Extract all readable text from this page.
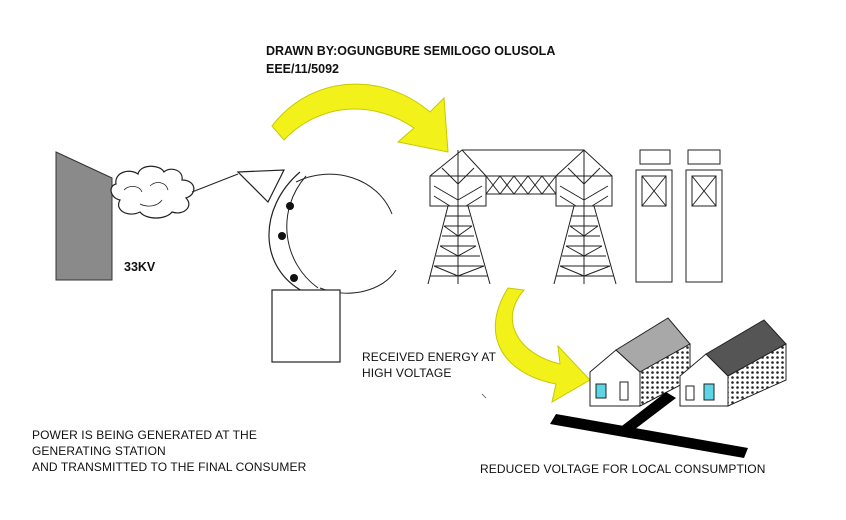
DRAWN BY:OGUNGBURE SEMILOGO OLUSOLA
EEE/11/5092
33KV
RECEIVED ENERGY AT
HIGH VOLTAGE
POWER IS BEING GENERATED AT THE
GENERATING STATION
AND TRANSMITTED TO THE FINAL CONSUMER	REDUCED VOLTAGE FOR LOCAL CONSUMPTION
